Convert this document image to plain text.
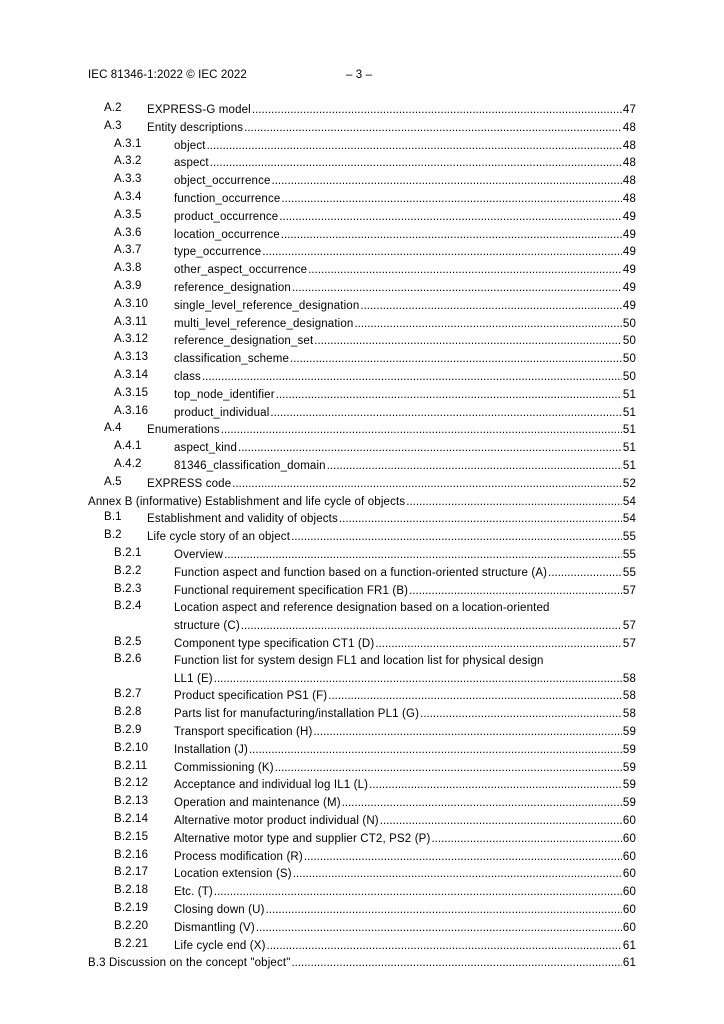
IEC 81346-1:2022 © IEC 2022	– 3 –
A.2 EXPRESS-G model .....	47
A.3 Entity descriptions .....	48
A.3.1	object .....	48
A.3.2	aspect .....	48
A.3.3	object_occurrence .....	48
A.3.4	function_occurrence .....	48
A.3.5	product_occurrence .....	49
A.3.6	location_occurrence .....	49
A.3.7	type_occurrence .....	49
A.3.8	other_aspect_occurrence .....	49
A.3.9	reference_designation .....	49
A.3.10 single_level_reference_designation .....	49
A.3.11 multi_level_reference_designation .....	50
A.3.12 reference_designation_set .....	50
A.3.13 classification_scheme .....	50
A.3.14 class .....	50
A.3.15 top_node_identifier .....	51
A.3.16 product_individual .....	51
A.4 Enumerations .....	51
A.4.1	aspect_kind .....	51
A.4.2	81346_classification_domain .....	51
A.5 EXPRESS code .....	52
Annex B (informative) Establishment and life cycle of objects .....	54
B.1 Establishment and validity of objects .....	54
B.2 Life cycle story of an object .....	55
B.2.1	Overview .....	55
B.2.2	Function aspect and function based on a function-oriented structure (A) .....	55
B.2.3	Functional requirement specification FR1 (B) .....	57
B.2.4	Location aspect and reference designation based on a location-oriented
structure (C) .....	57
B.2.5	Component type specification CT1 (D) .....	57
B.2.6	Function list for system design FL1 and location list for physical design
LL1 (E) .....	58
B.2.7	Product specification PS1 (F) .....	58
B.2.8	Parts list for manufacturing/installation PL1 (G) .....	58
B.2.9	Transport specification (H) .....	59
B.2.10 Installation (J) .....	59
B.2.11 Commissioning (K) .....	59
B.2.12 Acceptance and individual log IL1 (L) .....	59
B.2.13 Operation and maintenance (M) .....	59
B.2.14 Alternative motor product individual (N) .....	60
B.2.15 Alternative motor type and supplier CT2, PS2 (P) .....	60
B.2.16 Process modification (R) .....	60
B.2.17 Location extension (S) .....	60
B.2.18 Etc. (T) .....	60
B.2.19 Closing down (U) .....	60
B.2.20 Dismantling (V) .....	60
B.2.21 Life cycle end (X) .....	61
B.3 Discussion on the concept "object" .....	61
